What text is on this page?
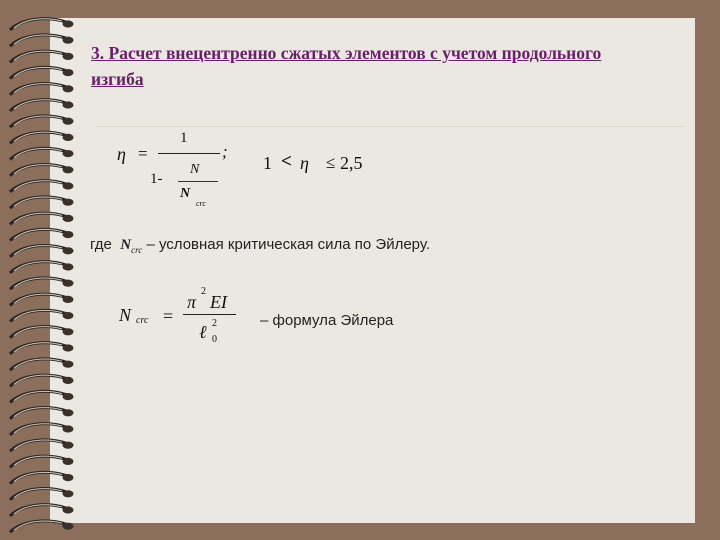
3. Расчет внецентренно сжатых элементов с учетом продольного изгиба
η =
1
1-
N
N
crc
;
1 < η ≤ 2,5
где $N_{crc}$ – условная критическая сила по Эйлеру.
N crc =
π
2
EI
ℓ 2
0
– формула Эйлера
